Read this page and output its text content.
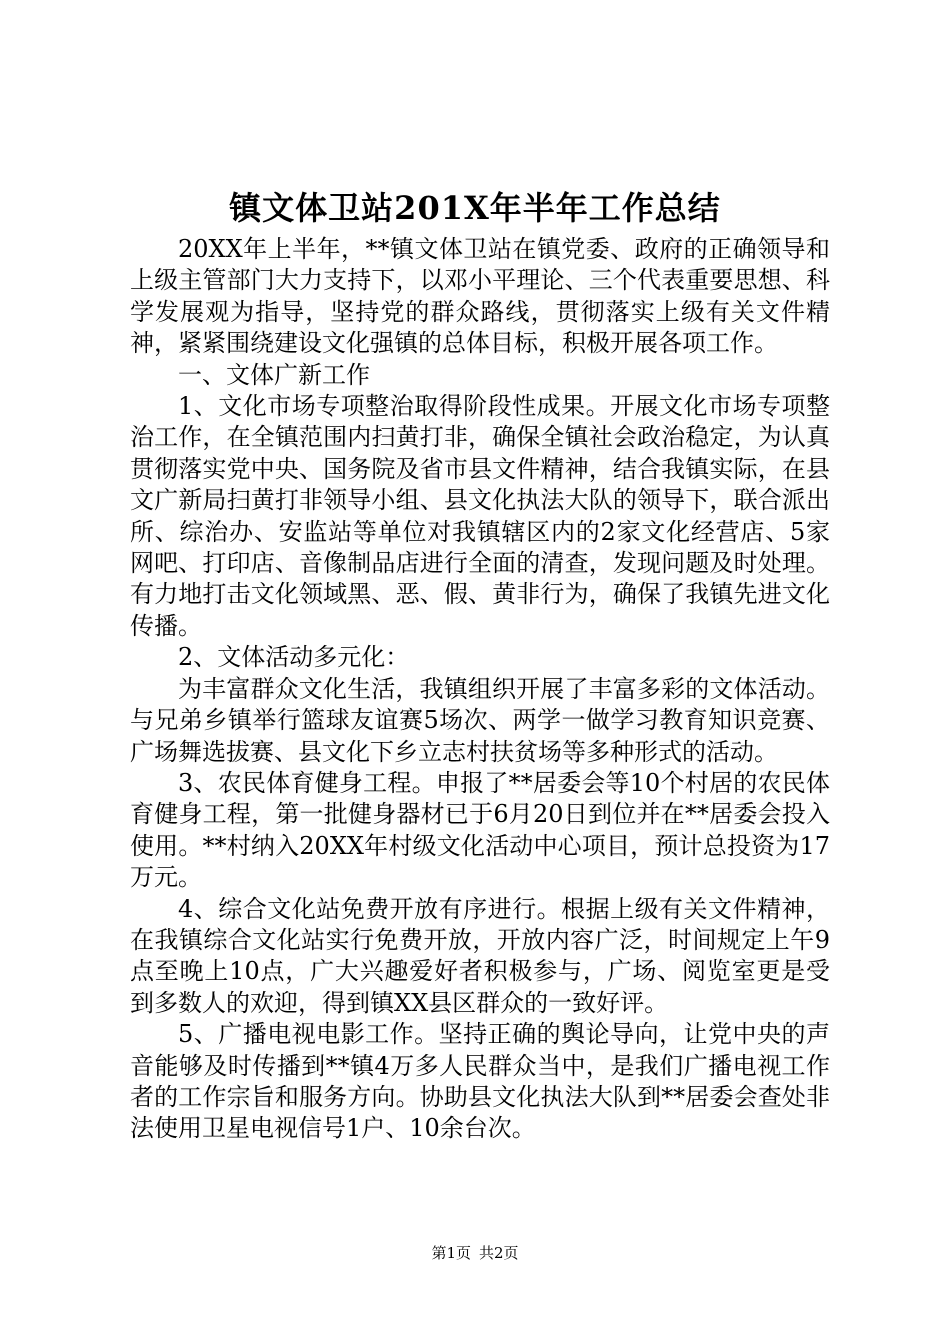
镇文体卫站201X年半年工作总结

20XX年上半年，**镇文体卫站在镇党委、政府的正确领导和上级主管部门大力支持下，以邓小平理论、三个代表重要思想、科学发展观为指导，坚持党的群众路线，贯彻落实上级有关文件精神，紧紧围绕建设文化强镇的总体目标，积极开展各项工作。

一、文体广新工作

1、文化市场专项整治取得阶段性成果。开展文化市场专项整治工作，在全镇范围内扫黄打非，确保全镇社会政治稳定，为认真贯彻落实党中央、国务院及省市县文件精神，结合我镇实际，在县文广新局扫黄打非领导小组、县文化执法大队的领导下，联合派出所、综治办、安监站等单位对我镇辖区内的2家文化经营店、5家网吧、打印店、音像制品店进行全面的清查，发现问题及时处理。有力地打击文化领域黑、恶、假、黄非行为，确保了我镇先进文化传播。

2、文体活动多元化：

为丰富群众文化生活，我镇组织开展了丰富多彩的文体活动。与兄弟乡镇举行篮球友谊赛5场次、两学一做学习教育知识竞赛、广场舞选拔赛、县文化下乡立志村扶贫场等多种形式的活动。

3、农民体育健身工程。申报了**居委会等10个村居的农民体育健身工程，第一批健身器材已于6月20日到位并在**居委会投入使用。**村纳入20XX年村级文化活动中心项目，预计总投资为17万元。

4、综合文化站免费开放有序进行。根据上级有关文件精神，在我镇综合文化站实行免费开放，开放内容广泛，时间规定上午9点至晚上10点，广大兴趣爱好者积极参与，广场、阅览室更是受到多数人的欢迎，得到镇XX县区群众的一致好评。

5、广播电视电影工作。坚持正确的舆论导向，让党中央的声音能够及时传播到**镇4万多人民群众当中，是我们广播电视工作者的工作宗旨和服务方向。协助县文化执法大队到**居委会查处非法使用卫星电视信号1户、10余台次。

第1页 共2页
